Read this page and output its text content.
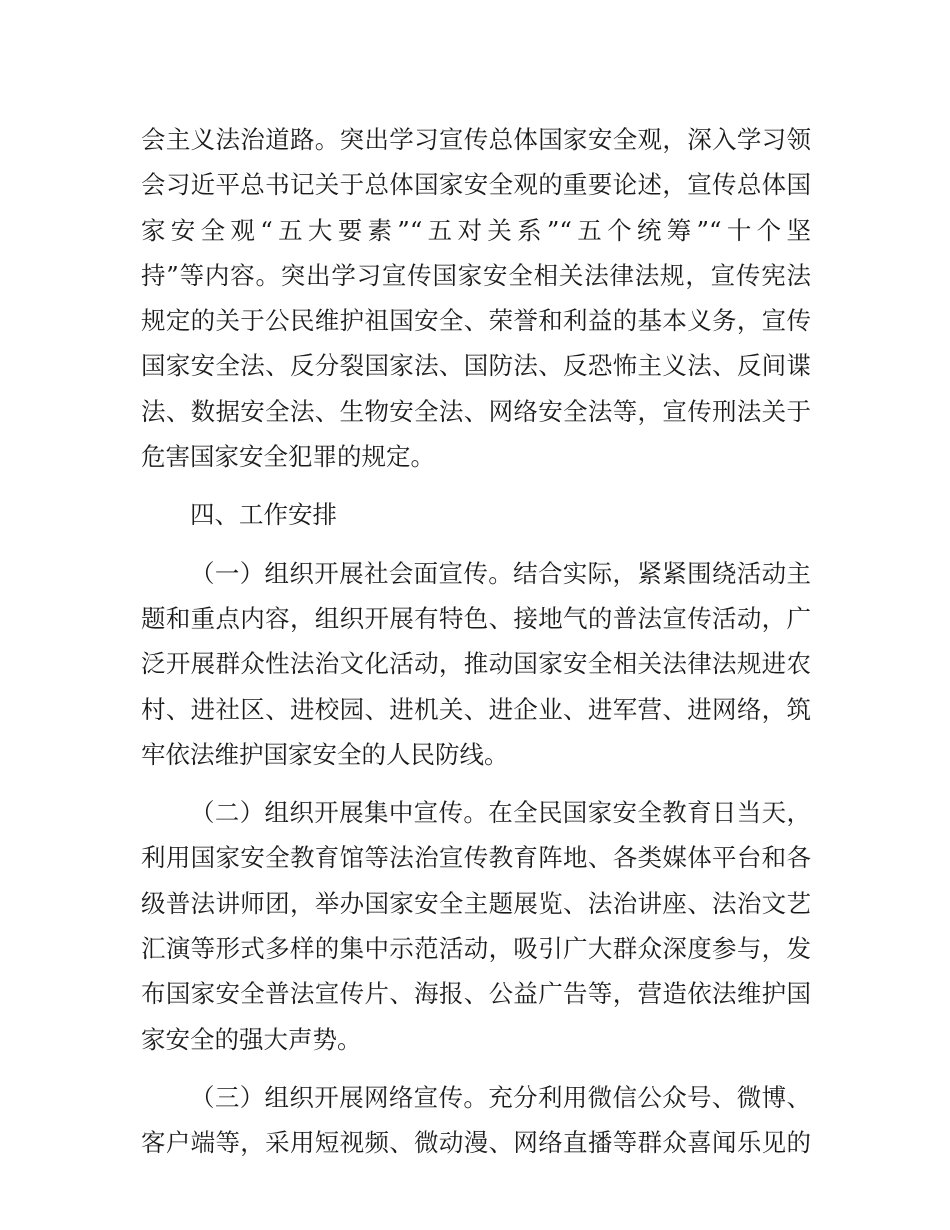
会主义法治道路。突出学习宣传总体国家安全观，深入学习领
会习近平总书记关于总体国家安全观的重要论述，宣传总体国
家安全观“五大要素”“五对关系”“五个统筹”“十个坚
持”等内容。突出学习宣传国家安全相关法律法规，宣传宪法
规定的关于公民维护祖国安全、荣誉和利益的基本义务，宣传
国家安全法、反分裂国家法、国防法、反恐怖主义法、反间谍
法、数据安全法、生物安全法、网络安全法等，宣传刑法关于
危害国家安全犯罪的规定。
四、工作安排
（一）组织开展社会面宣传。结合实际，紧紧围绕活动主
题和重点内容，组织开展有特色、接地气的普法宣传活动，广
泛开展群众性法治文化活动，推动国家安全相关法律法规进农
村、进社区、进校园、进机关、进企业、进军营、进网络，筑
牢依法维护国家安全的人民防线。
（二）组织开展集中宣传。在全民国家安全教育日当天，
利用国家安全教育馆等法治宣传教育阵地、各类媒体平台和各
级普法讲师团，举办国家安全主题展览、法治讲座、法治文艺
汇演等形式多样的集中示范活动，吸引广大群众深度参与，发
布国家安全普法宣传片、海报、公益广告等，营造依法维护国
家安全的强大声势。
（三）组织开展网络宣传。充分利用微信公众号、微博、
客户端等，采用短视频、微动漫、网络直播等群众喜闻乐见的
